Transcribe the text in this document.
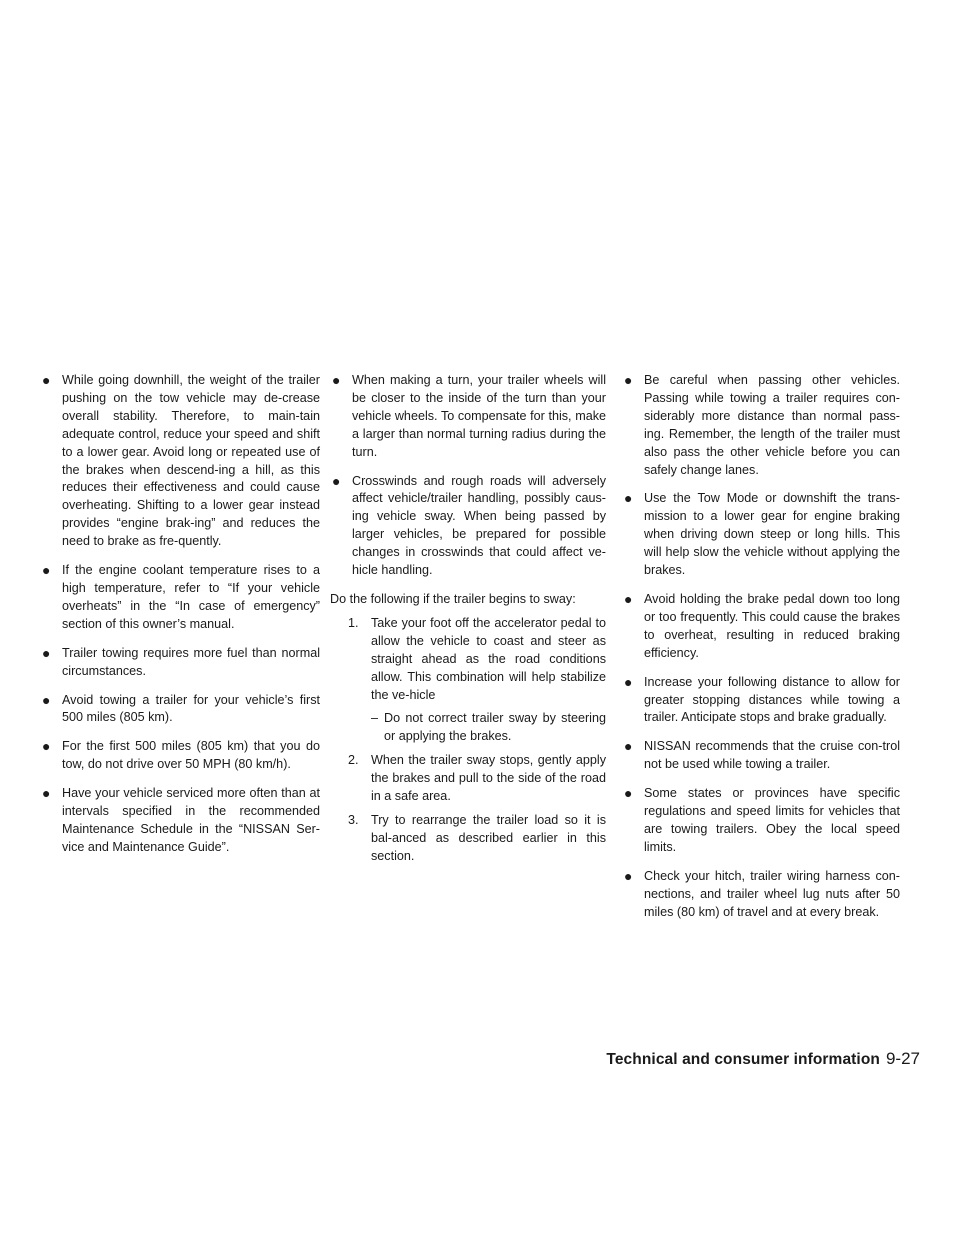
● While going downhill, the weight of the trailer pushing on the tow vehicle may de-crease overall stability. Therefore, to main-tain adequate control, reduce your speed and shift to a lower gear. Avoid long or repeated use of the brakes when descend-ing a hill, as this reduces their effectiveness and could cause overheating. Shifting to a lower gear instead provides “engine brak-ing” and reduces the need to brake as fre-quently.
● If the engine coolant temperature rises to a high temperature, refer to “If your vehicle overheats” in the “In case of emergency” section of this owner’s manual.
● Trailer towing requires more fuel than normal circumstances.
● Avoid towing a trailer for your vehicle’s first 500 miles (805 km).
● For the first 500 miles (805 km) that you do tow, do not drive over 50 MPH (80 km/h).
● Have your vehicle serviced more often than at intervals specified in the recommended Maintenance Schedule in the “NISSAN Ser-vice and Maintenance Guide”.
● When making a turn, your trailer wheels will be closer to the inside of the turn than your vehicle wheels. To compensate for this, make a larger than normal turning radius during the turn.
● Crosswinds and rough roads will adversely affect vehicle/trailer handling, possibly caus-ing vehicle sway. When being passed by larger vehicles, be prepared for possible changes in crosswinds that could affect ve-hicle handling.
Do the following if the trailer begins to sway:
1. Take your foot off the accelerator pedal to allow the vehicle to coast and steer as straight ahead as the road conditions allow. This combination will help stabilize the ve-hicle
– Do not correct trailer sway by steering or applying the brakes.
2. When the trailer sway stops, gently apply the brakes and pull to the side of the road in a safe area.
3. Try to rearrange the trailer load so it is bal-anced as described earlier in this section.
● Be careful when passing other vehicles. Passing while towing a trailer requires con-siderably more distance than normal pass-ing. Remember, the length of the trailer must also pass the other vehicle before you can safely change lanes.
● Use the Tow Mode or downshift the trans-mission to a lower gear for engine braking when driving down steep or long hills. This will help slow the vehicle without applying the brakes.
● Avoid holding the brake pedal down too long or too frequently. This could cause the brakes to overheat, resulting in reduced braking efficiency.
● Increase your following distance to allow for greater stopping distances while towing a trailer. Anticipate stops and brake gradually.
● NISSAN recommends that the cruise con-trol not be used while towing a trailer.
● Some states or provinces have specific regulations and speed limits for vehicles that are towing trailers. Obey the local speed limits.
● Check your hitch, trailer wiring harness con-nections, and trailer wheel lug nuts after 50 miles (80 km) of travel and at every break.
Technical and consumer information 9-27
